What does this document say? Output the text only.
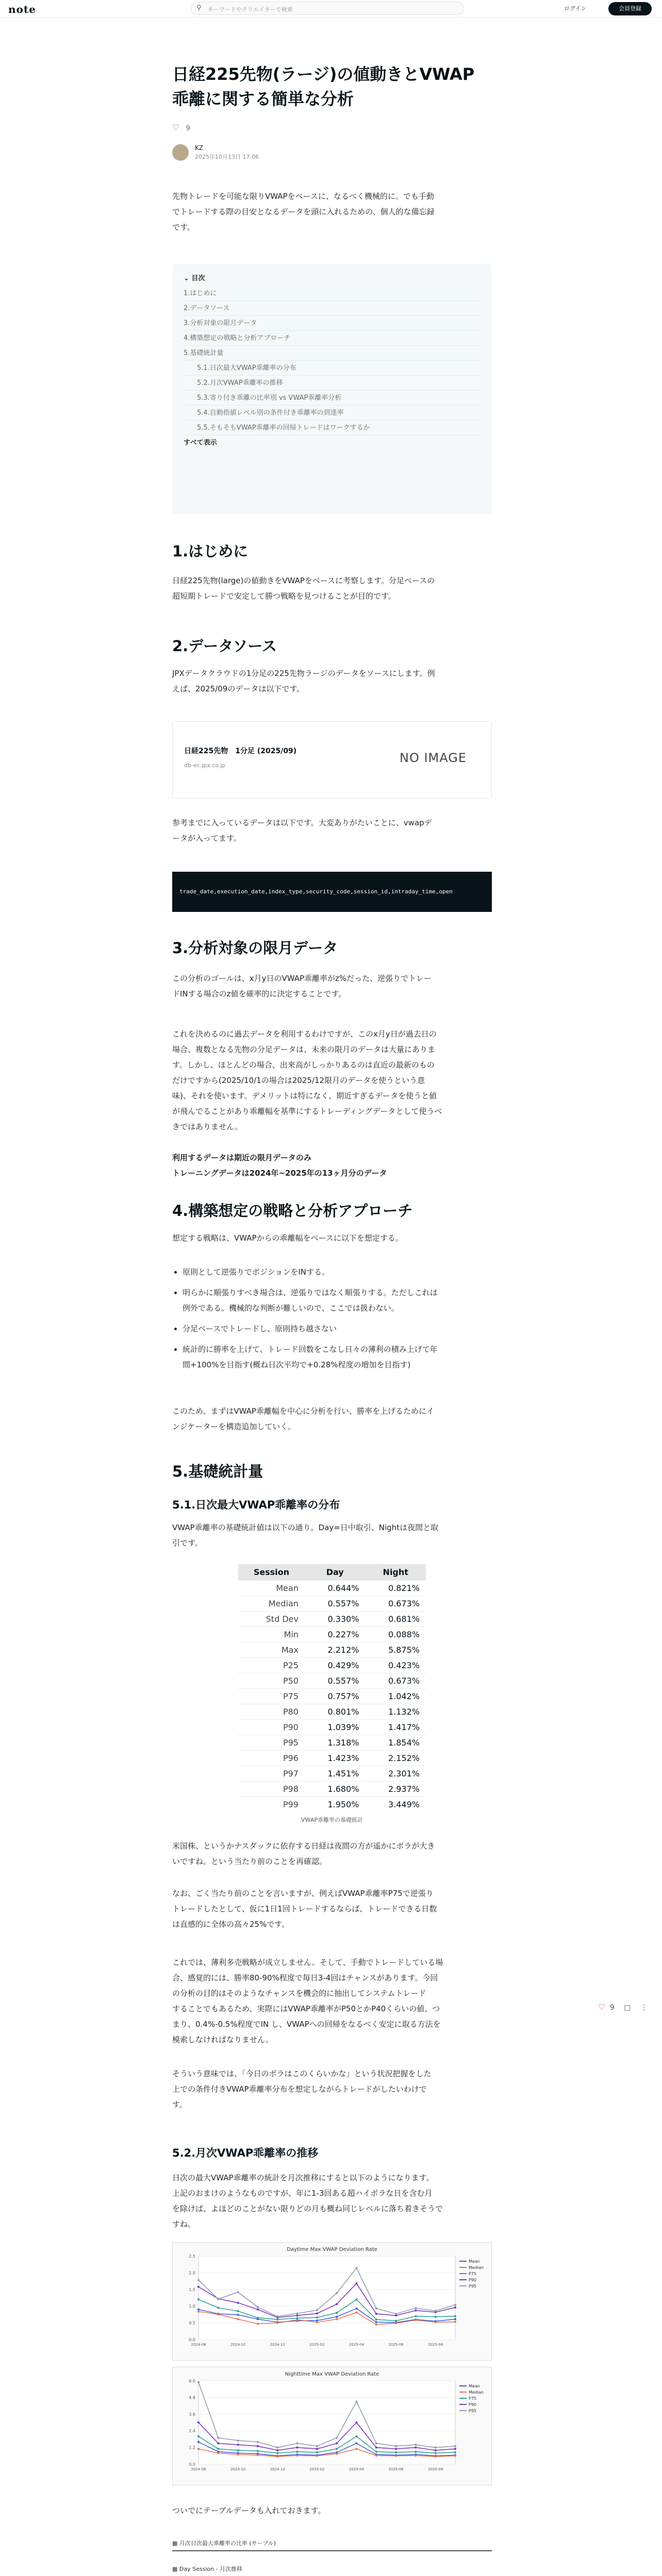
note	⚲ キーワードやクリエイターで検索	ログイン	会員登録
日経225先物(ラージ)の値動きとVWAP
乖離に関する簡単な分析
♡ 9
KZ
2025年10月13日 17:06
先物トレードを可能な限りVWAPをベースに、なるべく機械的に。でも手動
でトレードする際の目安となるデータを頭に入れるための、個人的な備忘録
です。
⌄ 目次
1.はじめに
2.データソース
3.分析対象の限月データ
4.構築想定の戦略と分析アプローチ
5.基礎統計量
5.1.日次最大VWAP乖離率の分布
5.2.月次VWAP乖離率の推移
5.3.寄り付き乖離の比率別 vs VWAP乖離率分析
5.4.自動指値レベル別の条件付き乖離率の到達率
5.5.そもそもVWAP乖離率の回帰トレードはワークするか
すべて表示
1.はじめに
日経225先物(large)の値動きをVWAPをベースに考察します。分足ベースの
超短期トレードで安定して勝つ戦略を見つけることが目的です。
2.データソース
JPXデータクラウドの1分足の225先物ラージのデータをソースにします。例
えば、2025/09のデータは以下です。
日経225先物　1分足 (2025/09)
db-ec.jpx.co.jp
NO IMAGE
参考までに入っているデータは以下です。大変ありがたいことに、vwapデ
ータが入ってます。
trade_date,execution_date,index_type,security_code,session_id,intraday_time,open
3.分析対象の限月データ
この分析のゴールは、x月y日のVWAP乖離率がz%だった、逆張りでトレー
ドINする場合のz値を確率的に決定することです。
これを決めるのに過去データを利用するわけですが、このx月y日が過去日の
場合、複数となる先物の分足データは、未来の限月のデータは大量にありま
す。しかし、ほとんどの場合、出来高がしっかりあるのは直近の最新のもの
だけですから(2025/10/1の場合は2025/12限月のデータを使うという意
味)、それを使います。デメリットは特になく、期近すぎるデータを使うと値
が飛んでることがあり乖離幅を基準にするトレーディングデータとして使うべ
きではありません。
利用するデータは期近の限月データのみ
トレーニングデータは2024年~2025年の13ヶ月分のデータ
4.構築想定の戦略と分析アプローチ
想定する戦略は、VWAPからの乖離幅をベースに以下を想定する。
• 原則として逆張りでポジションをINする。
• 明らかに順張りすべき場合は、逆張りではなく順張りする。ただしこれは
例外である。機械的な判断が難しいので、ここでは扱わない。
• 分足ベースでトレードし、原則持ち越さない
• 統計的に勝率を上げて、トレード回数をこなし日々の薄利の積み上げて年
間+100%を目指す(概ね日次平均で+0.28%程度の増加を目指す)
このため、まずはVWAP乖離幅を中心に分析を行い、勝率を上げるためにイ
ンジケーターを構造追加していく。
5.基礎統計量
5.1.日次最大VWAP乖離率の分布
VWAP乖離率の基礎統計値は以下の通り。Day=日中取引、Nightは夜間と取
引です。
Session	Day	Night
Mean	0.644%	0.821%
Median	0.557%	0.673%
Std Dev	0.330%	0.681%
Min	0.227%	0.088%
Max	2.212%	5.875%
P25	0.429%	0.423%
P50	0.557%	0.673%
P75	0.757%	1.042%
P80	0.801%	1.132%
P90	1.039%	1.417%
P95	1.318%	1.854%
P96	1.423%	2.152%
P97	1.451%	2.301%
P98	1.680%	2.937%
P99	1.950%	3.449%
VWAP乖離率の基礎統計
米国株、というかナスダックに依存する日経は夜間の方が遥かにボラが大き
いですね。という当たり前のことを再確認。
なお、ごく当たり前のことを言いますが、例えばVWAP乖離率P75で逆張り
トレードしたとして、仮に1日1回トレードするならば、トレードできる日数
は直感的に全体の高々25%です。
これでは、薄利多売戦略が成立しません。そして、手動でトレードしている場
合、感覚的には、勝率80-90%程度で毎日3-4回はチャンスがあります。今回
の分析の目的はそのようなチャンスを機会的に抽出してシステムトレード
することでもあるため、実際にはVWAP乖離率がP50とかP40くらいの値、つ
まり、0.4%-0.5%程度でIN し、VWAPへの回帰をなるべく安定に取る方法を
模索しなければなりません。
そういう意味では、「今日のボラはこのくらいかな」という状況把握をした
上での条件付きVWAP乖離率分布を想定しながらトレードがしたいわけで
す。
5.2.月次VWAP乖離率の推移
日次の最大VWAP乖離率の統計を月次推移にすると以下のようになります。
上記のおまけのようなものですが、年に1-3回ある超ハイボラな日を含む月
を除けば、よほどのことがない限りどの月も概ね同じレベルに落ち着きそうで
すね。
Daytime Max VWAP Deviation Rate
0.0
0.5
1.0
1.5
2.0
2.5
2024-08	2024-10	2024-12	2025-02	2025-04	2025-06	2025-08
Mean
Median
P75
P90
P95
Nighttime Max VWAP Deviation Rate
0.0
1.2
2.4
3.6
4.8
6.0
2024-08	2024-10	2024-12	2025-02	2025-04	2025-06	2025-08
Mean
Median
P75
P90
P95
ついでにテーブルデータも入れておきます。
▦ 月次日次最大乖離率の比率 (サーブル)
▦ Day Session - 月次推移

♡ 9 □ ⋮
